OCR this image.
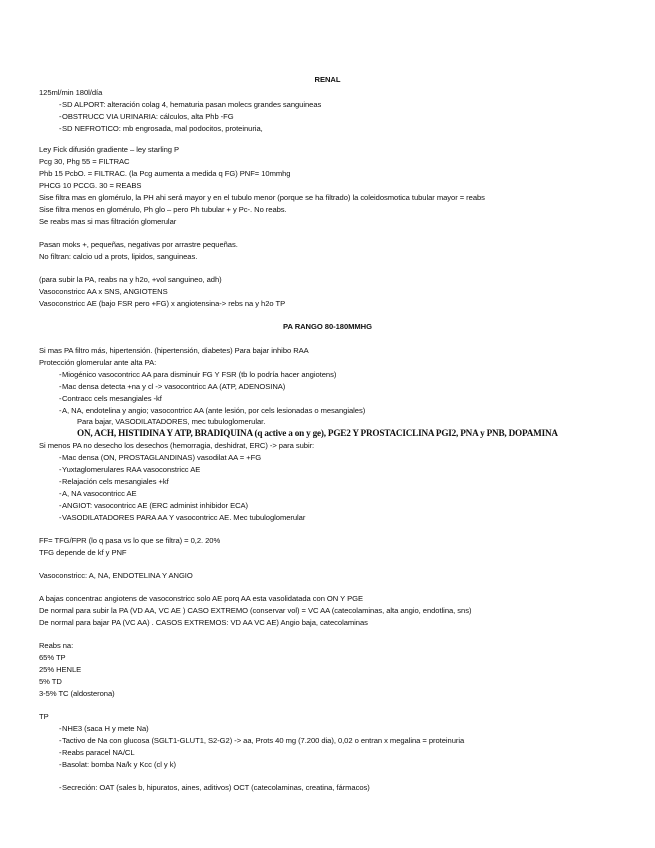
RENAL
125ml/min 180l/día
- SD ALPORT: alteración colag 4, hematuria pasan molecs grandes sanguineas
- OBSTRUCC VIA URINARIA: cálculos, alta Phb -FG
- SD NEFROTICO: mb engrosada, mal podocitos, proteinuria,
Ley Fick difusión gradiente – ley starling P
Pcg 30, Phg 55 = FILTRAC
Phb 15 PcbO. = FILTRAC. (la Pcg aumenta a medida q FG) PNF= 10mmhg
PHCG 10 PCCG. 30 = REABS
Sise filtra mas en glomérulo, la PH ahi será mayor y en el tubulo menor (porque se ha filtrado) la coleidosmotica tubular mayor = reabs
Sise filtra menos en glomérulo, Ph glo – pero Ph tubular + y Pc-. No reabs.
Se reabs mas si mas filtración glomerular
Pasan moks +, pequeñas, negativas por arrastre pequeñas.
No filtran: calcio ud a prots, lipidos, sanguineas.
(para subir la PA, reabs na y h2o, +vol sanguineo, adh)
Vasoconstricc AA x SNS, ANGIOTENS
Vasoconstricc AE (bajo FSR pero +FG) x angiotensina-> rebs na y h2o TP
PA RANGO 80-180MMHG
Si mas PA filtro más, hipertensión. (hipertensión, diabetes) Para bajar inhibo RAA
Protección glomerular ante alta PA:
- Miogénico vasocontricc AA para disminuir FG Y FSR (tb lo podría hacer angiotens)
- Mac densa detecta +na y cl -> vasocontricc AA (ATP, ADENOSINA)
- Contracc cels mesangiales -kf
- A, NA, endotelina y angio; vasocontricc AA (ante lesión, por cels lesionadas o mesangiales)
Para bajar, VASODILATADORES, mec tubuloglomerular.
ON, ACH, HISTIDINA Y ATP, BRADIQUINA (q active a on y ge), PGE2 Y PROSTACICLINA PGI2, PNA y PNB, DOPAMINA
Si menos PA no desecho los desechos (hemorragia, deshidrat, ERC) -> para subir:
- Mac densa (ON, PROSTAGLANDINAS) vasodilat AA = +FG
- Yuxtaglomerulares RAA vasoconstricc AE
- Relajación cels mesangiales +kf
- A, NA vasocontricc AE
- ANGIOT: vasocontricc AE (ERC administ inhibidor ECA)
- VASODILATADORES PARA AA Y vasocontricc AE. Mec tubuloglomerular
FF= TFG/FPR (lo q pasa vs lo que se filtra) = 0,2. 20%
TFG depende de kf y PNF
Vasoconstricc: A, NA, ENDOTELINA Y ANGIO
A bajas concentrac angiotens de vasoconstricc solo AE porq AA esta vasolidatada con ON Y PGE
De normal para subir la PA (VD AA, VC AE ) CASO EXTREMO (conservar vol) = VC AA (catecolaminas, alta angio, endotlina, sns)
De normal para bajar PA (VC AA) . CASOS EXTREMOS: VD AA VC AE) Angio baja, catecolaminas
Reabs na:
65% TP
25% HENLE
5% TD
3-5% TC (aldosterona)
TP
- NHE3 (saca H y mete Na)
- Tactivo de Na con glucosa (SGLT1-GLUT1, S2-G2) -> aa, Prots 40 mg (7.200 dia), 0,02 o entran x megalina = proteinuria
- Reabs paracel NA/CL
- Basolat: bomba Na/k y Kcc (cl y k)
- Secreción: OAT (sales b, hipuratos, aines, aditivos) OCT (catecolaminas, creatina, fármacos)
